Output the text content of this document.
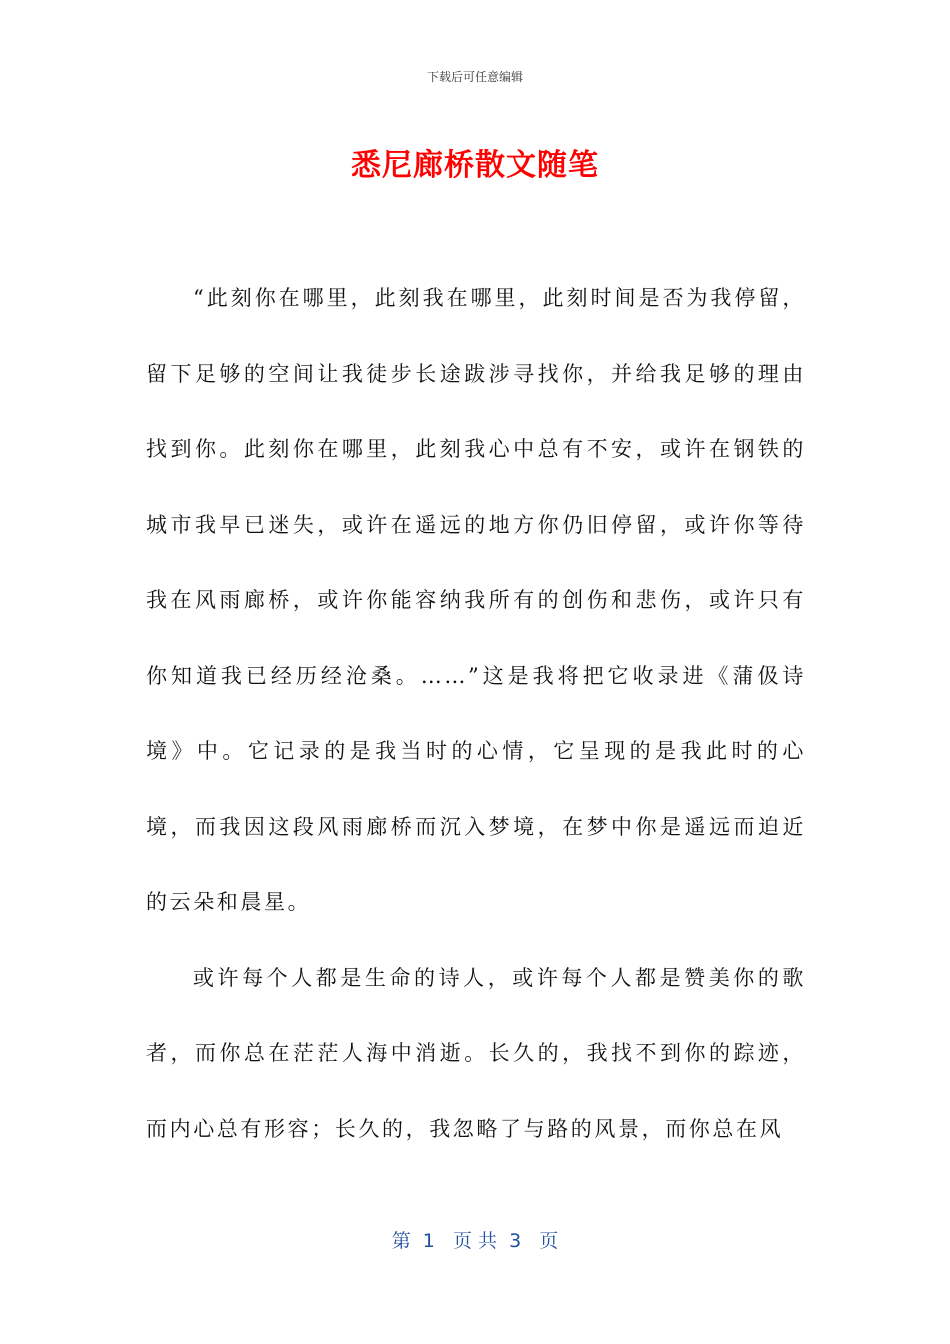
下载后可任意编辑
悉尼廊桥散文随笔

“此刻你在哪里，此刻我在哪里，此刻时间是否为我停留，留下足够的空间让我徒步长途跋涉寻找你，并给我足够的理由找到你。此刻你在哪里，此刻我心中总有不安，或许在钢铁的城市我早已迷失，或许在遥远的地方你仍旧停留，或许你等待我在风雨廊桥，或许你能容纳我所有的创伤和悲伤，或许只有你知道我已经历经沧桑。……”这是我将把它收录进《蒲伋诗境》中。它记录的是我当时的心情，它呈现的是我此时的心境，而我因这段风雨廊桥而沉入梦境，在梦中你是遥远而迫近的云朵和晨星。

或许每个人都是生命的诗人，或许每个人都是赞美你的歌者，而你总在茫茫人海中消逝。长久的，我找不到你的踪迹，而内心总有形容；长久的，我忽略了与路的风景，而你总在风

第  1   页 共  3   页
